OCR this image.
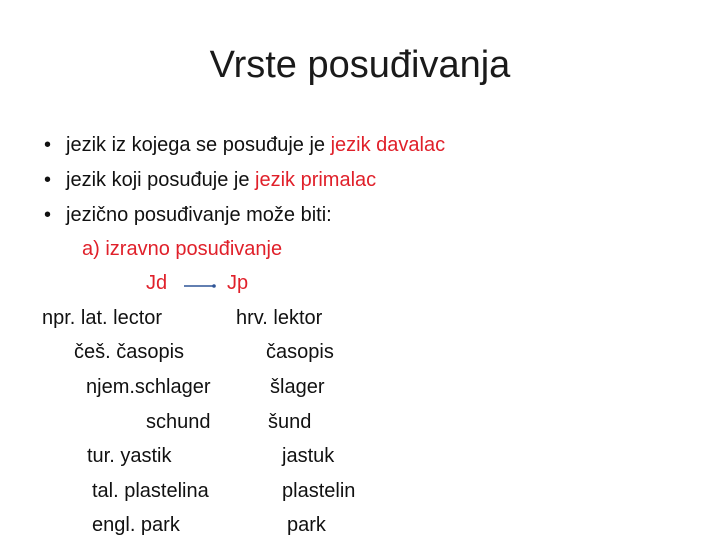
Vrste posuđivanja
• jezik iz kojega se posuđuje je jezik davalac
• jezik koji posuđuje je jezik primalac
• jezično posuđivanje može biti:
a) izravno posuđivanje
Jd	Jp
npr. lat. lector	hrv. lektor
češ. časopis	časopis
njem.schlager	šlager
schund	šund
tur. yastik	jastuk
tal. plastelina	plastelin
engl. park	park
